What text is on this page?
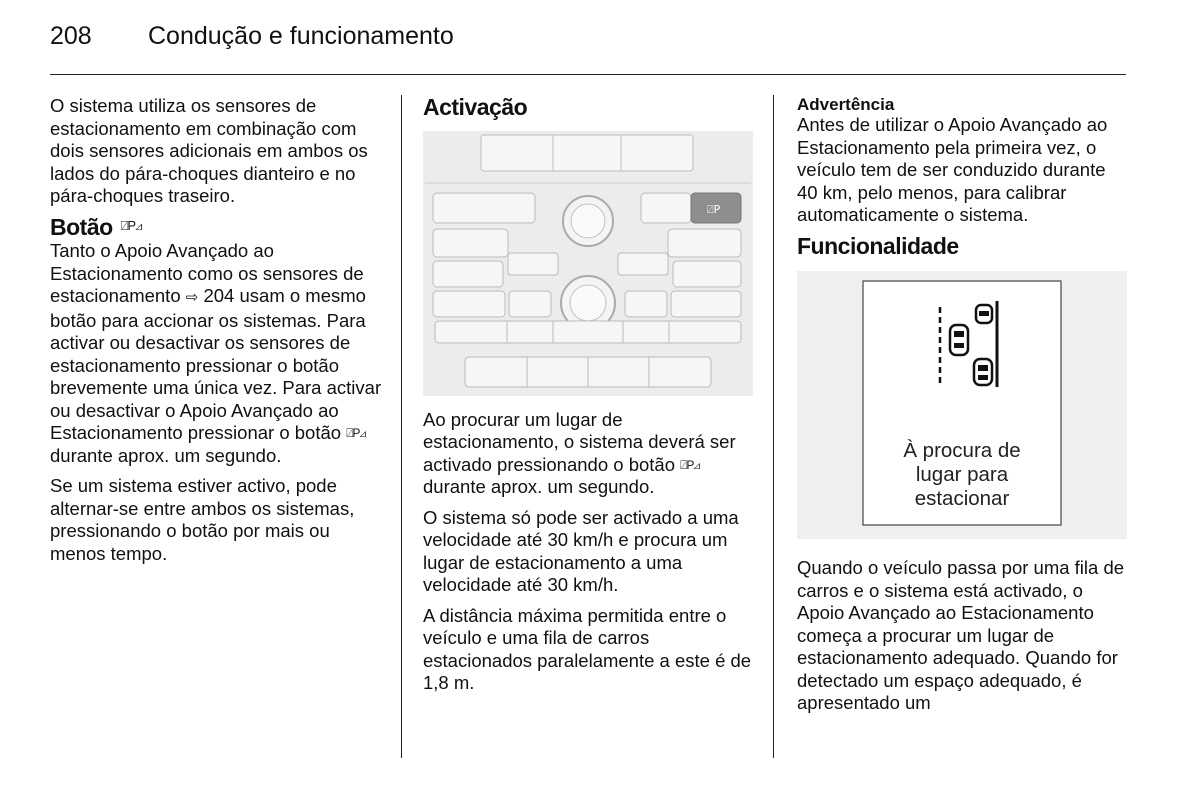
208 Condução e funcionamento

O sistema utiliza os sensores de estacionamento em combinação com dois sensores adicionais em ambos os lados do pára-choques dianteiro e no pára-choques traseiro.

Botão ⍁P⊿

Tanto o Apoio Avançado ao Estacionamento como os sensores de estacionamento ⇨ 204 usam o mesmo botão para accionar os sistemas. Para activar ou desactivar os sensores de estacionamento pressionar o botão brevemente uma única vez. Para activar ou desactivar o Apoio Avançado ao Estacionamento pressionar o botão ⍁P⊿ durante aprox. um segundo.

Se um sistema estiver activo, pode alternar-se entre ambos os sistemas, pressionando o botão por mais ou menos tempo.

Activação
⍁P

Ao procurar um lugar de estacionamento, o sistema deverá ser activado pressionando o botão ⍁P⊿ durante aprox. um segundo.

O sistema só pode ser activado a uma velocidade até 30 km/h e procura um lugar de estacionamento a uma velocidade até 30 km/h.

A distância máxima permitida entre o veículo e uma fila de carros estacionados paralelamente a este é de 1,8 m.

Advertência

Antes de utilizar o Apoio Avançado ao Estacionamento pela primeira vez, o veículo tem de ser conduzido durante 40 km, pelo menos, para calibrar automaticamente o sistema.

Funcionalidade
À procura de
lugar para
estacionar

Quando o veículo passa por uma fila de carros e o sistema está activado, o Apoio Avançado ao Estacionamento começa a procurar um lugar de estacionamento adequado. Quando for detectado um espaço adequado, é apresentado um
